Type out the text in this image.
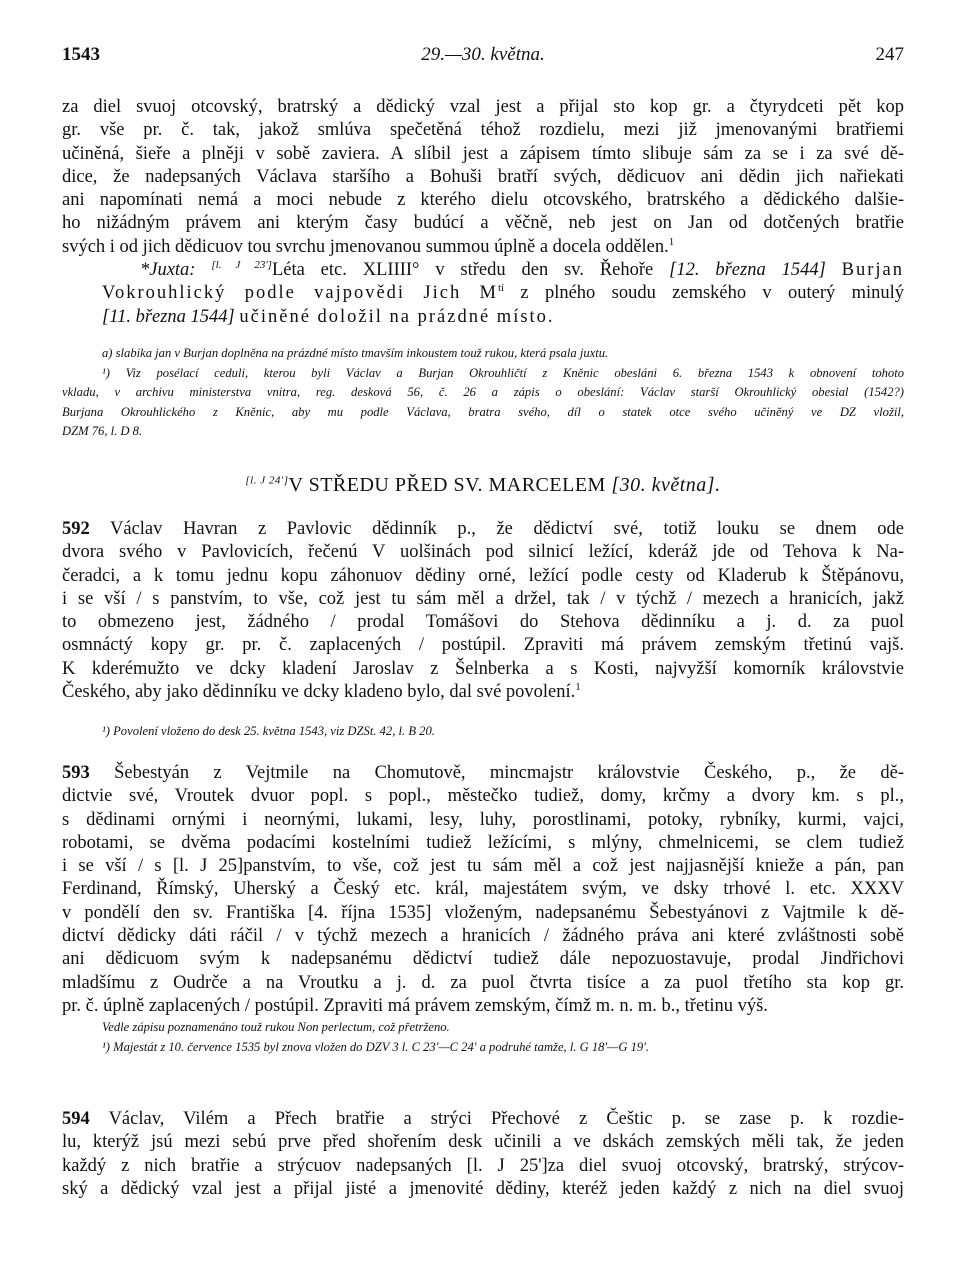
1543	29.—30. května.	247
za diel svuoj otcovský, bratrský a dědický vzal jest a přijal sto kop gr. a čtyrydceti pět kop
gr. vše pr. č. tak, jakož smlúva spečetěná téhož rozdielu, mezi již jmenovanými bratřiemi
učiněná, šieře a plněji v sobě zaviera. A slíbil jest a zápisem tímto slibuje sám za se i za své dě-
dice, že nadepsaných Václava staršího a Bohuši bratří svých, dědicuov ani dědin jich nařiekati
ani napomínati nemá a moci nebude z kterého dielu otcovského, bratrského a dědického dalšie-
ho nižádným právem ani kterým časy budúcí a věčně, neb jest on Jan od dotčených bratřie
svých i od jich dědicuov tou svrchu jmenovanou summou úplně a docela oddělen.$^1$
*Juxta: [l. J 23']Léta etc. XLIIII° v středu den sv. Řehoře [12. března 1544] Burjan
Vokrouhlický podle vajpovědi Jich $M^{tí}$ z plného soudu zemského v outerý minulý
[11. března 1544] učiněné doložil na prázdné místo.
a) slabika jan v Burjan doplněna na prázdné místo tmavším inkoustem touž rukou, která psala juxtu.
¹) Viz posélací ceduli, kterou byli Václav a Burjan Okrouhličtí z Kněnic obesláni 6. března 1543 k obnovení tohoto
vkladu, v archivu ministerstva vnitra, reg. desková 56, č. 26 a zápis o obeslání: Václav starší Okrouhlický obesial (1542?)
Burjana Okrouhlického z Kněnic, aby mu podle Václava, bratra svého, díl o statek otce svého učiněný ve DZ vložil,
DZM 76, l. D 8.
[l. J 24']V STŘEDU PŘED SV. MARCELEM [30. května].
592 Václav Havran z Pavlovic dědinník p., že dědictví své, totiž louku se dnem ode
dvora svého v Pavlovicích, řečenú V uolšinách pod silnicí ležící, kderáž jde od Tehova k Na-
čeradci, a k tomu jednu kopu záhonuov dědiny orné, ležící podle cesty od Kladerub k Štěpánovu,
i se vší / s panstvím, to vše, což jest tu sám měl a držel, tak / v týchž / mezech a hranicích, jakž
to obmezeno jest, žádného / prodal Tomášovi do Stehova dědinníku a j. d. za puol
osmnáctý kopy gr. pr. č. zaplacených / postúpil. Zpraviti má právem zemským třetinú vajš.
K kderémužto ve dcky kladení Jaroslav z Šelnberka a s Kosti, najvyžší komorník královstvie
Českého, aby jako dědinníku ve dcky kladeno bylo, dal své povolení.$^1$
¹) Povolení vloženo do desk 25. května 1543, viz DZSt. 42, l. B 20.
593 Šebestyán z Vejtmile na Chomutově, mincmajstr královstvie Českého, p., že dě-
dictvie své, Vroutek dvuor popl. s popl., městečko tudiež, domy, krčmy a dvory km. s pl.,
s dědinami ornými i neornými, lukami, lesy, luhy, porostlinami, potoky, rybníky, kurmi, vajci,
robotami, se dvěma podacími kostelními tudiež ležícími, s mlýny, chmelnicemi, se clem tudiež
i se vší / s [l. J 25]panstvím, to vše, což jest tu sám měl a což jest najjasnější knieže a pán, pan
Ferdinand, Římský, Uherský a Český etc. král, majestátem svým, ve dsky trhové l. etc. XXXV
v pondělí den sv. Františka [4. října 1535] vloženým, nadepsanému Šebestyánovi z Vajtmile k dě-
dictví dědicky dáti ráčil / v týchž mezech a hranicích / žádného práva ani které zvláštnosti sobě
ani dědicuom svým k nadepsanému dědictví tudiež dále nepozuostavuje, prodal Jindřichovi
mladšímu z Oudrče a na Vroutku a j. d. za puol čtvrta tisíce a za puol třetího sta kop gr.
pr. č. úplně zaplacených / postúpil. Zpraviti má právem zemským, čímž m. n. m. b., třetinu výš.
Vedle zápisu poznamenáno touž rukou Non perlectum, což přetrženo.
¹) Majestát z 10. července 1535 byl znova vložen do DZV 3 l. C 23'—C 24' a podruhé tamže, l. G 18'—G 19'.
594 Václav, Vilém a Přech bratřie a strýci Přechové z Češtic p. se zase p. k rozdie-
lu, kterýž jsú mezi sebú prve před shořením desk učinili a ve dskách zemských měli tak, že jeden
každý z nich bratřie a strýcuov nadepsaných [l. J 25']za diel svuoj otcovský, bratrský, strýcov-
ský a dědický vzal jest a přijal jisté a jmenovité dědiny, kteréž jeden každý z nich na diel svuoj
